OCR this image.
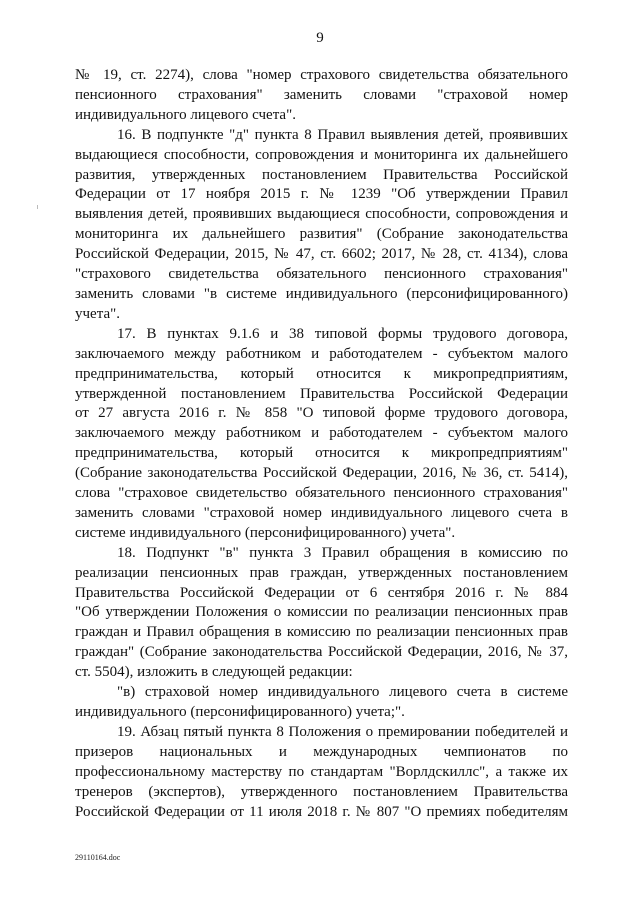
9
№ 19, ст. 2274), слова "номер страхового свидетельства обязательного
пенсионного страхования" заменить словами "страховой номер
индивидуального лицевого счета".
16. В подпункте "д" пункта 8 Правил выявления детей, проявивших
выдающиеся способности, сопровождения и мониторинга их дальнейшего
развития, утвержденных постановлением Правительства Российской
Федерации от 17 ноября 2015 г. № 1239 "Об утверждении Правил
выявления детей, проявивших выдающиеся способности, сопровождения и
мониторинга их дальнейшего развития" (Собрание законодательства
Российской Федерации, 2015, № 47, ст. 6602; 2017, № 28, ст. 4134), слова
"страхового свидетельства обязательного пенсионного страхования"
заменить словами "в системе индивидуального (персонифицированного)
учета".
17. В пунктах 9.1.6 и 38 типовой формы трудового договора,
заключаемого между работником и работодателем - субъектом малого
предпринимательства, который относится к микропредприятиям,
утвержденной постановлением Правительства Российской Федерации
от 27 августа 2016 г. № 858 "О типовой форме трудового договора,
заключаемого между работником и работодателем - субъектом малого
предпринимательства, который относится к микропредприятиям"
(Собрание законодательства Российской Федерации, 2016, № 36, ст. 5414),
слова "страховое свидетельство обязательного пенсионного страхования"
заменить словами "страховой номер индивидуального лицевого счета в
системе индивидуального (персонифицированного) учета".
18. Подпункт "в" пункта 3 Правил обращения в комиссию по
реализации пенсионных прав граждан, утвержденных постановлением
Правительства Российской Федерации от 6 сентября 2016 г. № 884
"Об утверждении Положения о комиссии по реализации пенсионных прав
граждан и Правил обращения в комиссию по реализации пенсионных прав
граждан" (Собрание законодательства Российской Федерации, 2016, № 37,
ст. 5504), изложить в следующей редакции:
"в) страховой номер индивидуального лицевого счета в системе
индивидуального (персонифицированного) учета;".
19. Абзац пятый пункта 8 Положения о премировании победителей и
призеров национальных и международных чемпионатов по
профессиональному мастерству по стандартам "Ворлдскиллс", а также их
тренеров (экспертов), утвержденного постановлением Правительства
Российской Федерации от 11 июля 2018 г. № 807 "О премиях победителям
29110164.doc
